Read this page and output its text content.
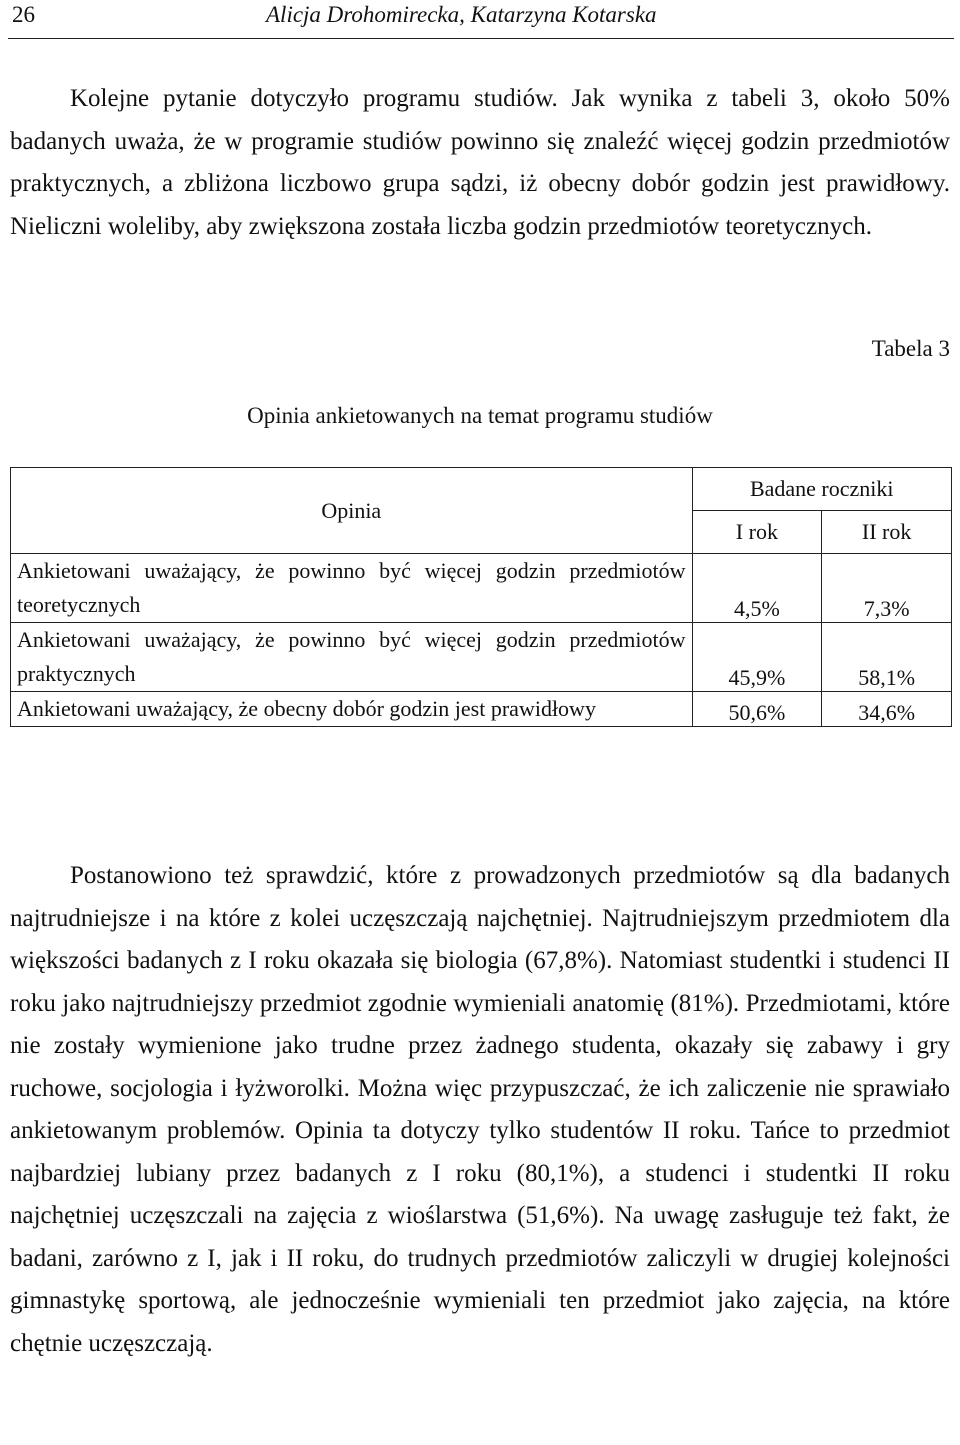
26	Alicja Drohomirecka, Katarzyna Kotarska

Kolejne pytanie dotyczyło programu studiów. Jak wynika z tabeli 3, około 50% badanych uważa, że w programie studiów powinno się znaleźć więcej godzin przedmiotów praktycznych, a zbliżona liczbowo grupa sądzi, iż obecny dobór godzin jest prawidłowy. Nieliczni woleliby, aby zwiększona została liczba godzin przedmiotów teoretycznych.

Tabela 3
Opinia ankietowanych na temat programu studiów
Opinia	Badane roczniki	
	I rok	II rok
Ankietowani uważający, że powinno być więcej godzin przedmiotów teoretycznych	4,5%	7,3%
Ankietowani uważający, że powinno być więcej godzin przedmiotów praktycznych	45,9%	58,1%
Ankietowani uważający, że obecny dobór godzin jest prawidłowy	50,6%	34,6%

Postanowiono też sprawdzić, które z prowadzonych przedmiotów są dla badanych najtrudniejsze i na które z kolei uczęszczają najchętniej. Najtrudniejszym przedmiotem dla większości badanych z I roku okazała się biologia (67,8%). Natomiast studentki i studenci II roku jako najtrudniejszy przedmiot zgodnie wymieniali anatomię (81%). Przedmiotami, które nie zostały wymienione jako trudne przez żadnego studenta, okazały się zabawy i gry ruchowe, socjologia i łyżworolki. Można więc przypuszczać, że ich zaliczenie nie sprawiało ankietowanym problemów. Opinia ta dotyczy tylko studentów II roku. Tańce to przedmiot najbardziej lubiany przez badanych z I roku (80,1%), a studenci i studentki II roku najchętniej uczęszczali na zajęcia z wioślarstwa (51,6%). Na uwagę zasługuje też fakt, że badani, zarówno z I, jak i II roku, do trudnych przedmiotów zaliczyli w drugiej kolejności gimnastykę sportową, ale jednocześnie wymieniali ten przedmiot jako zajęcia, na które chętnie uczęszczają.
